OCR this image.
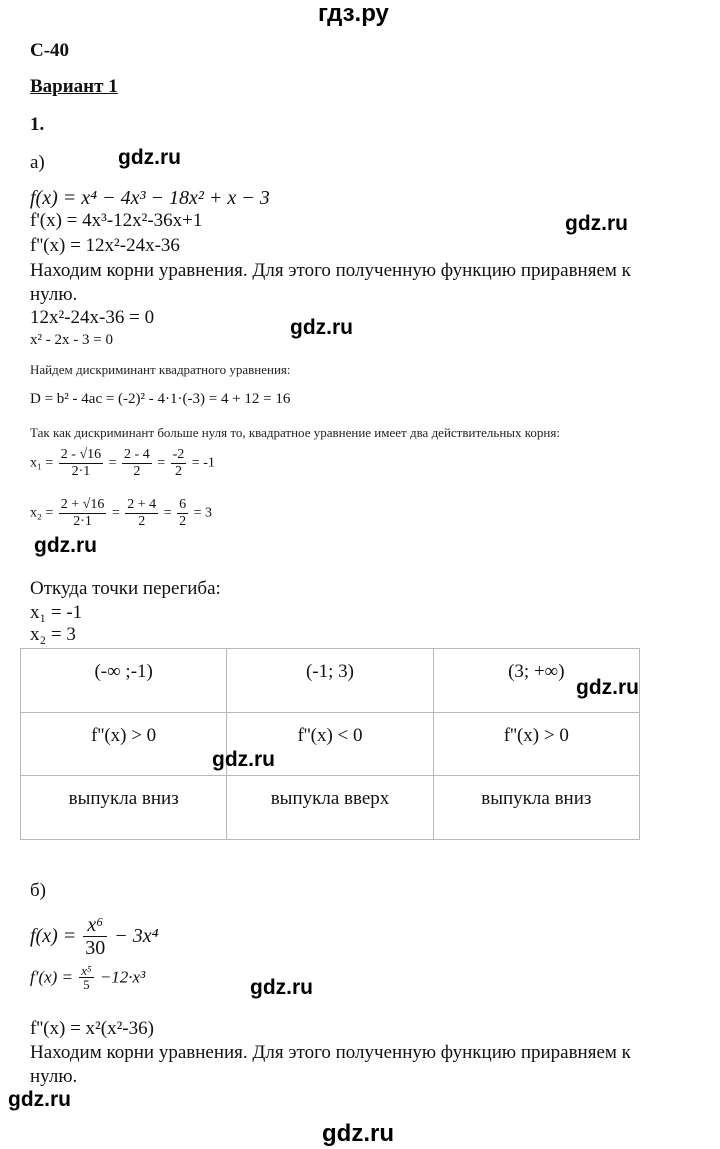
гдз.ру
С-40
Вариант 1
1.
а)	gdz.ru
f(x) = x⁴ − 4x³ − 18x² + x − 3
f'(x) = 4x³-12x²-36x+1	gdz.ru
f''(x) = 12x²-24x-36
Находим корни уравнения. Для этого полученную функцию приравняем к
нулю.
12x²-24x-36 = 0	gdz.ru
x² - 2x - 3 = 0
Найдем дискриминант квадратного уравнения:
D = b² - 4ac = (-2)² - 4·1·(-3) = 4 + 12 = 16
Так как дискриминант больше нуля то, квадратное уравнение имеет два действительных корня:
$x_1 = \frac{2 - √16}{2\cdot 1} = \frac{2 - 4}{2} = \frac{-2}{2} = -1$
$x_2 = \frac{2 + √16}{2\cdot 1} = \frac{2 + 4}{2} = \frac{6}{2} = 3$
gdz.ru
Откуда точки перегиба:
x₁ = -1
x₂ = 3
(-∞ ;-1)	(-1; 3)	(3; +∞)
f''(x) > 0	f''(x) < 0	f''(x) > 0
выпукла вниз	выпукла вверх	выпукла вниз
gdz.ru
gdz.ru
б)
$f(x) = \frac{\text{x⁶}}{30} - 3x^4$
$f'(x) = \frac{\text{x⁵}}{5} -12\cdot x^3$	gdz.ru
f''(x) = x²(x²-36)
Находим корни уравнения. Для этого полученную функцию приравняем к
нулю.
gdz.ru
gdz.ru
